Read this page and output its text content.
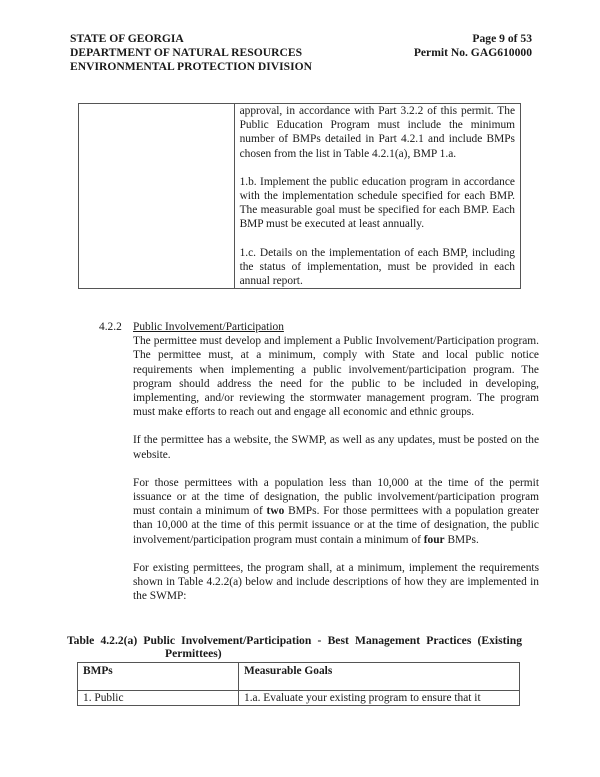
STATE OF GEORGIA
DEPARTMENT OF NATURAL RESOURCES
ENVIRONMENTAL PROTECTION DIVISION
Page 9 of 53
Permit No. GAG610000

approval, in accordance with Part 3.2.2 of this permit. The Public Education Program must include the minimum number of BMPs detailed in Part 4.2.1 and include BMPs chosen from the list in Table 4.2.1(a), BMP 1.a.

1.b. Implement the public education program in accordance with the implementation schedule specified for each BMP. The measurable goal must be specified for each BMP. Each BMP must be executed at least annually.

1.c. Details on the implementation of each BMP, including the status of implementation, must be provided in each annual report.

4.2.2 Public Involvement/Participation

The permittee must develop and implement a Public Involvement/Participation program. The permittee must, at a minimum, comply with State and local public notice requirements when implementing a public involvement/participation program. The program should address the need for the public to be included in developing, implementing, and/or reviewing the stormwater management program. The program must make efforts to reach out and engage all economic and ethnic groups.

If the permittee has a website, the SWMP, as well as any updates, must be posted on the website.

For those permittees with a population less than 10,000 at the time of the permit issuance or at the time of designation, the public involvement/participation program must contain a minimum of two BMPs. For those permittees with a population greater than 10,000 at the time of this permit issuance or at the time of designation, the public involvement/participation program must contain a minimum of four BMPs.

For existing permittees, the program shall, at a minimum, implement the requirements shown in Table 4.2.2(a) below and include descriptions of how they are implemented in the SWMP:

Table 4.2.2(a) Public Involvement/Participation - Best Management Practices (Existing
Permittees)
BMPs	Measurable Goals
1. Public	1.a. Evaluate your existing program to ensure that it
